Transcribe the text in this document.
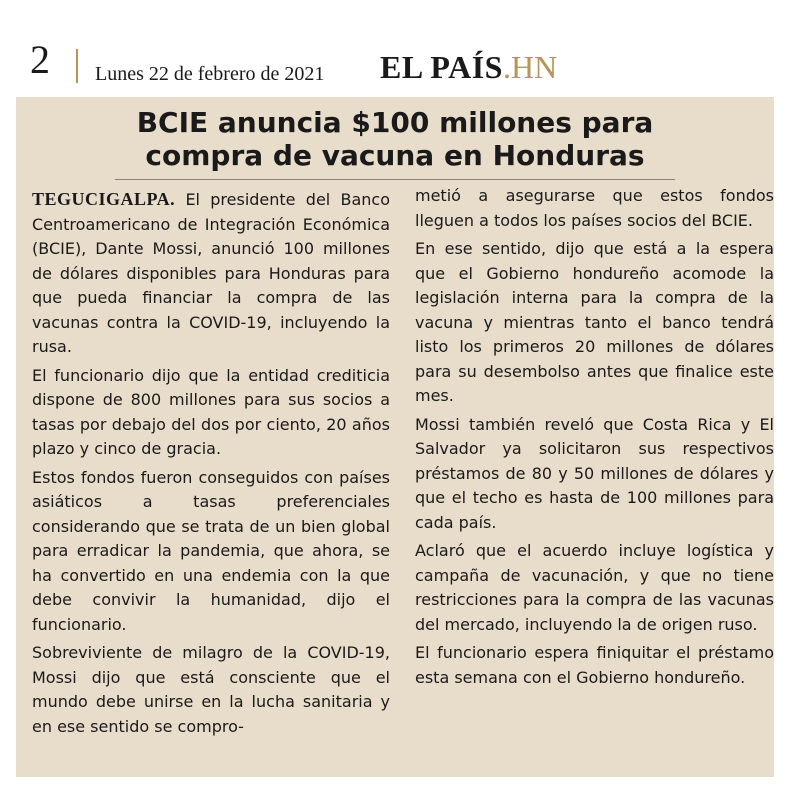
2 Lunes 22 de febrero de 2021 EL PAÍS.HN
BCIE anuncia $100 millones para
compra de vacuna en Honduras

TEGUCIGALPA. El presidente del Banco Centroamericano de Integración Económica (BCIE), Dante Mossi, anunció 100 millones de dólares disponibles para Honduras para que pueda financiar la compra de las vacunas contra la COVID-19, incluyendo la rusa.

El funcionario dijo que la entidad crediticia dispone de 800 millones para sus socios a tasas por debajo del dos por ciento, 20 años plazo y cinco de gracia.

Estos fondos fueron conseguidos con países asiáticos a tasas preferenciales considerando que se trata de un bien global para erradicar la pandemia, que ahora, se ha convertido en una endemia con la que debe convivir la humanidad, dijo el funcionario.

Sobreviviente de milagro de la COVID-19, Mossi dijo que está consciente que el mundo debe unirse en la lucha sanitaria y en ese sentido se compro-

metió a asegurarse que estos fondos lleguen a todos los países socios del BCIE.

En ese sentido, dijo que está a la espera que el Gobierno hondureño acomode la legislación interna para la compra de la vacuna y mientras tanto el banco tendrá listo los primeros 20 millones de dólares para su desembolso antes que finalice este mes.

Mossi también reveló que Costa Rica y El Salvador ya solicitaron sus respectivos préstamos de 80 y 50 millones de dólares y que el techo es hasta de 100 millones para cada país.

Aclaró que el acuerdo incluye logística y campaña de vacunación, y que no tiene restricciones para la compra de las vacunas del mercado, incluyendo la de origen ruso.

El funcionario espera finiquitar el préstamo esta semana con el Gobierno hondureño.
